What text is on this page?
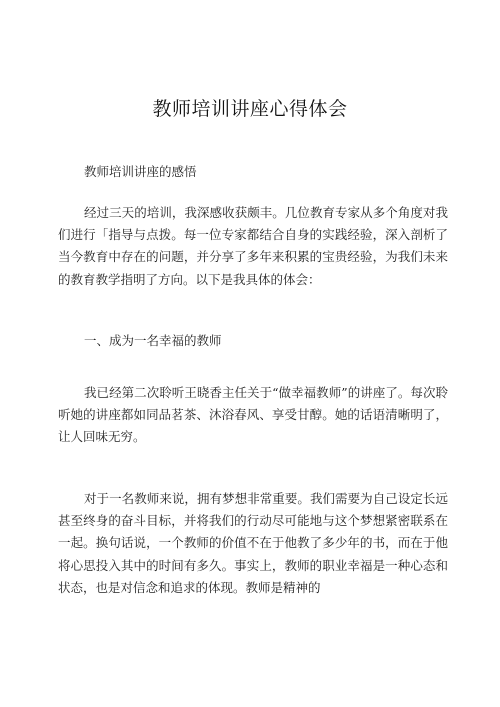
教师培训讲座心得体会
教师培训讲座的感悟
经过三天的培训，我深感收获颇丰。几位教育专家从多个角度对我们进行「指导与点拨。每一位专家都结合自身的实践经验，深入剖析了当今教育中存在的问题，并分享了多年来积累的宝贵经验，为我们未来的教育教学指明了方向。以下是我具体的体会：
一、成为一名幸福的教师
我已经第二次聆听王晓香主任关于“做幸福教师”的讲座了。每次聆听她的讲座都如同品茗茶、沐浴春风、享受甘醇。她的话语清晰明了，让人回味无穷。
对于一名教师来说，拥有梦想非常重要。我们需要为自己设定长远甚至终身的奋斗目标，并将我们的行动尽可能地与这个梦想紧密联系在一起。换句话说，一个教师的价值不在于他教了多少年的书，而在于他将心思投入其中的时间有多久。事实上，教师的职业幸福是一种心态和状态，也是对信念和追求的体现。教师是精神的
